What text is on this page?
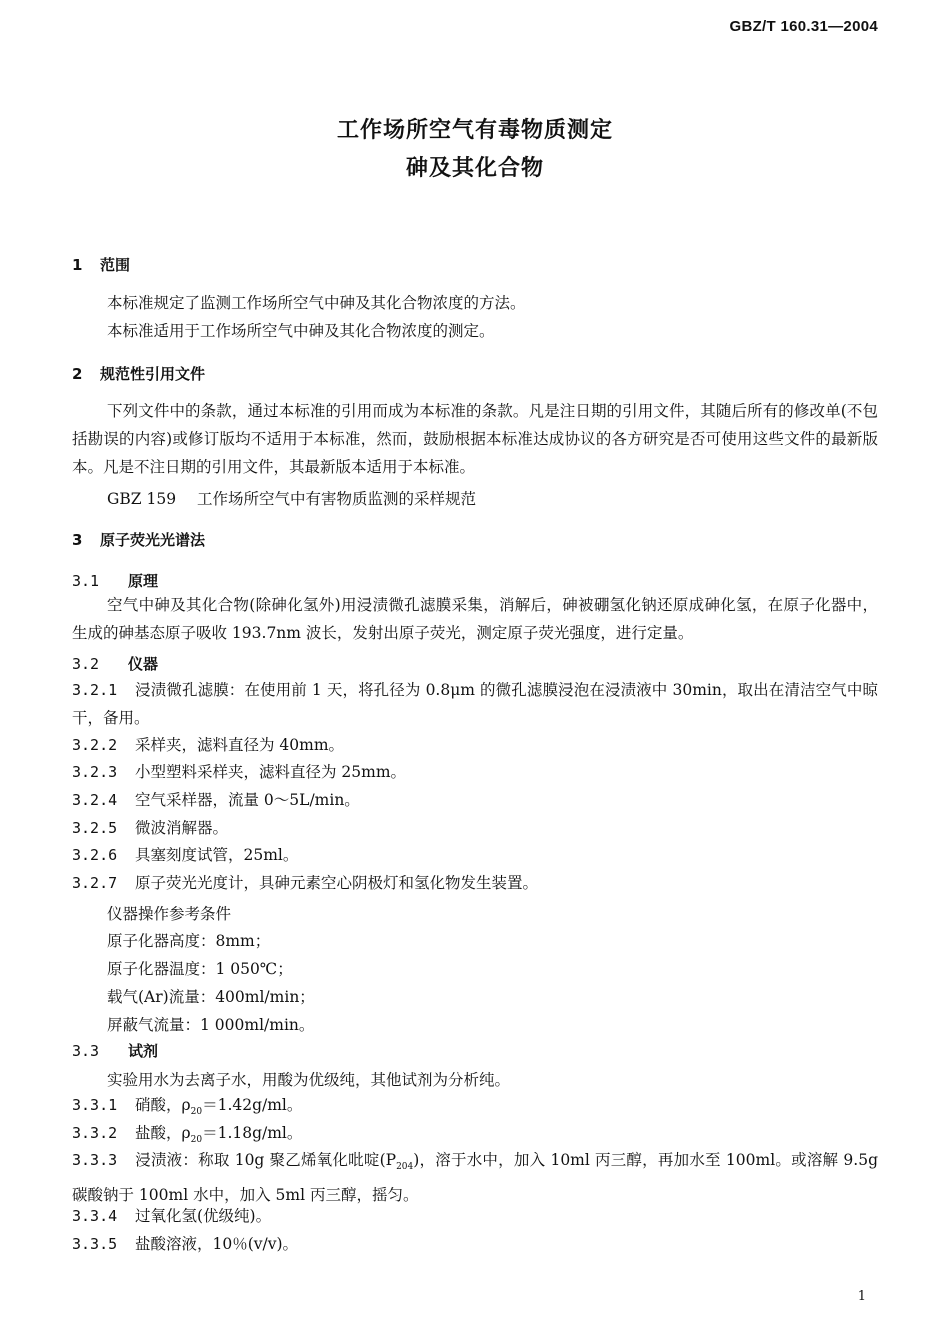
GBZ/T 160.31—2004
工作场所空气有毒物质测定
砷及其化合物
1 范围
本标准规定了监测工作场所空气中砷及其化合物浓度的方法。
本标准适用于工作场所空气中砷及其化合物浓度的测定。
2 规范性引用文件
下列文件中的条款，通过本标准的引用而成为本标准的条款。凡是注日期的引用文件，其随后所有的修改单(不包括勘误的内容)或修订版均不适用于本标准，然而，鼓励根据本标准达成协议的各方研究是否可使用这些文件的最新版本。凡是不注日期的引用文件，其最新版本适用于本标准。
GBZ 159 工作场所空气中有害物质监测的采样规范
3 原子荧光光谱法
3.1 原理
空气中砷及其化合物(除砷化氢外)用浸渍微孔滤膜采集，消解后，砷被硼氢化钠还原成砷化氢，在原子化器中，生成的砷基态原子吸收 193.7nm 波长，发射出原子荧光，测定原子荧光强度，进行定量。
3.2 仪器
3.2.1 浸渍微孔滤膜：在使用前 1 天，将孔径为 0.8μm 的微孔滤膜浸泡在浸渍液中 30min，取出在清洁空气中晾干，备用。
3.2.2 采样夹，滤料直径为 40mm。
3.2.3 小型塑料采样夹，滤料直径为 25mm。
3.2.4 空气采样器，流量 0～5L/min。
3.2.5 微波消解器。
3.2.6 具塞刻度试管，25ml。
3.2.7 原子荧光光度计，具砷元素空心阴极灯和氢化物发生装置。
仪器操作参考条件
原子化器高度：8mm；
原子化器温度：1 050℃；
载气(Ar)流量：400ml/min；
屏蔽气流量：1 000ml/min。
3.3 试剂
实验用水为去离子水，用酸为优级纯，其他试剂为分析纯。
3.3.1 硝酸，$\rho_{20}=1.42g/ml$。
3.3.2 盐酸，$\rho_{20}=1.18g/ml$。
3.3.3 浸渍液：称取 10g 聚乙烯氧化吡啶$(P_{204})$，溶于水中，加入 10ml 丙三醇，再加水至 100ml。或溶解 9.5g 碳酸钠于 100ml 水中，加入 5ml 丙三醇，摇匀。
3.3.4 过氧化氢(优级纯)。
3.3.5 盐酸溶液，10％(v/v)。
1
